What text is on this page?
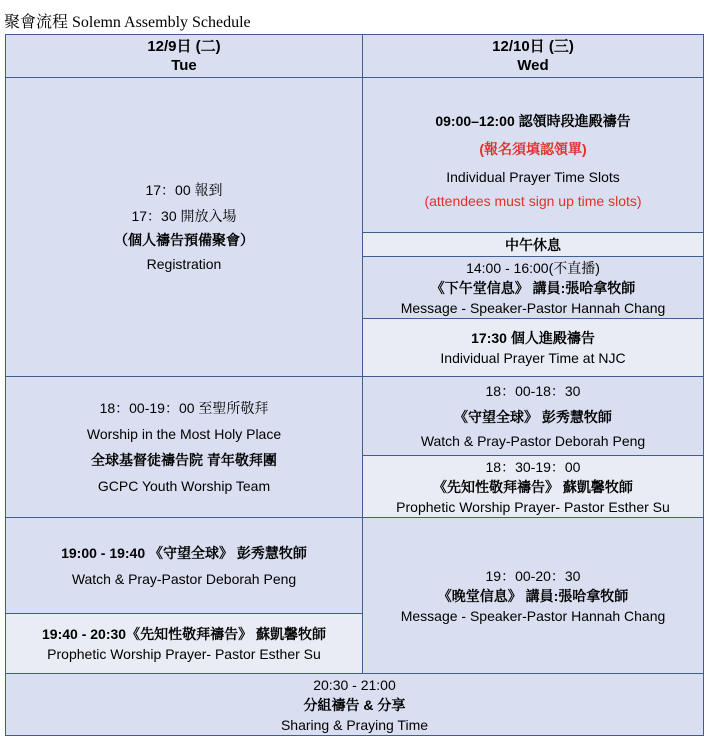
聚會流程 Solemn Assembly Schedule
12/9日 (二)
Tue
12/10日 (三)
Wed
17：00 報到
17：30 開放入場
（個人禱告預備聚會）
Registration
18：00-19：00 至聖所敬拜
Worship in the Most Holy Place
全球基督徒禱告院 青年敬拜團
GCPC Youth Worship Team
19:00 - 19:40 《守望全球》 彭秀慧牧師
Watch & Pray-Pastor Deborah Peng
19:40 - 20:30《先知性敬拜禱告》 蘇凱馨牧師
Prophetic Worship Prayer- Pastor Esther Su
09:00–12:00 認領時段進殿禱告
(報名須填認領單)
Individual Prayer Time Slots
(attendees must sign up time slots)
中午休息
14:00 - 16:00(不直播)
《下午堂信息》 講員:張哈拿牧師
Message - Speaker-Pastor Hannah Chang
17:30 個人進殿禱告
Individual Prayer Time at NJC
18：00-18：30
《守望全球》 彭秀慧牧師
Watch & Pray-Pastor Deborah Peng
18：30-19：00
《先知性敬拜禱告》 蘇凱馨牧師
Prophetic Worship Prayer- Pastor Esther Su
19：00-20：30
《晚堂信息》 講員:張哈拿牧師
Message - Speaker-Pastor Hannah Chang
20:30 - 21:00
分組禱告 & 分享
Sharing & Praying Time
